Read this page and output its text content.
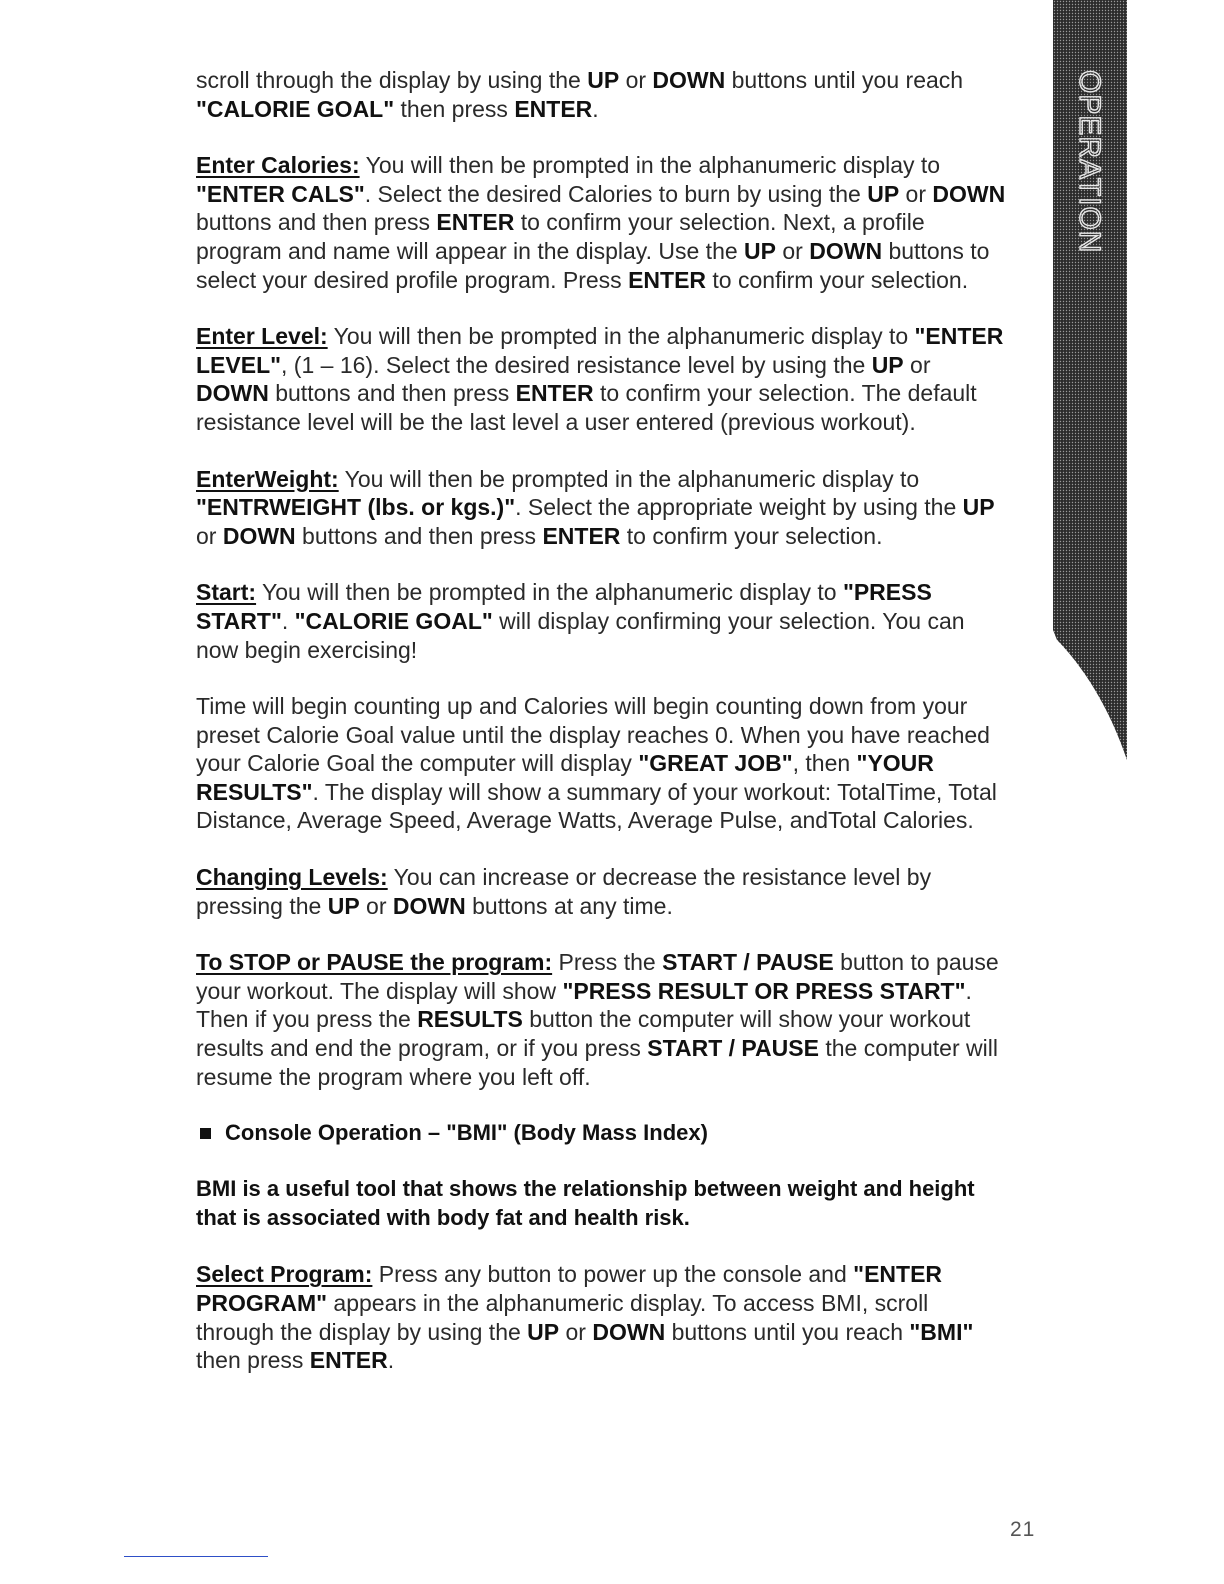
OPERATION

scroll through the display by using the UP or DOWN buttons until you reach "CALORIE GOAL" then press ENTER.

Enter Calories: You will then be prompted in the alphanumeric display to "ENTER CALS". Select the desired Calories to burn by using the UP or DOWN buttons and then press ENTER to confirm your selection. Next, a profile program and name will appear in the display. Use the UP or DOWN buttons to select your desired profile program. Press ENTER to confirm your selection.

Enter Level: You will then be prompted in the alphanumeric display to "ENTER LEVEL", (1 – 16). Select the desired resistance level by using the UP or DOWN buttons and then press ENTER to confirm your selection. The default resistance level will be the last level a user entered (previous workout).

EnterWeight: You will then be prompted in the alphanumeric display to "ENTRWEIGHT (lbs. or kgs.)". Select the appropriate weight by using the UP or DOWN buttons and then press ENTER to confirm your selection.

Start: You will then be prompted in the alphanumeric display to "PRESS START". "CALORIE GOAL" will display confirming your selection. You can now begin exercising!

Time will begin counting up and Calories will begin counting down from your preset Calorie Goal value until the display reaches 0. When you have reached your Calorie Goal the computer will display "GREAT JOB", then "YOUR RESULTS". The display will show a summary of your workout: TotalTime, Total Distance, Average Speed, Average Watts, Average Pulse, andTotal Calories.

Changing Levels: You can increase or decrease the resistance level by pressing the UP or DOWN buttons at any time.

To STOP or PAUSE the program: Press the START / PAUSE button to pause your workout. The display will show "PRESS RESULT OR PRESS START". Then if you press the RESULTS button the computer will show your workout results and end the program, or if you press START / PAUSE the computer will resume the program where you left off.

Console Operation – "BMI" (Body Mass Index)

BMI is a useful tool that shows the relationship between weight and height that is associated with body fat and health risk.

Select Program: Press any button to power up the console and "ENTER PROGRAM" appears in the alphanumeric display. To access BMI, scroll through the display by using the UP or DOWN buttons until you reach "BMI" then press ENTER.

21
